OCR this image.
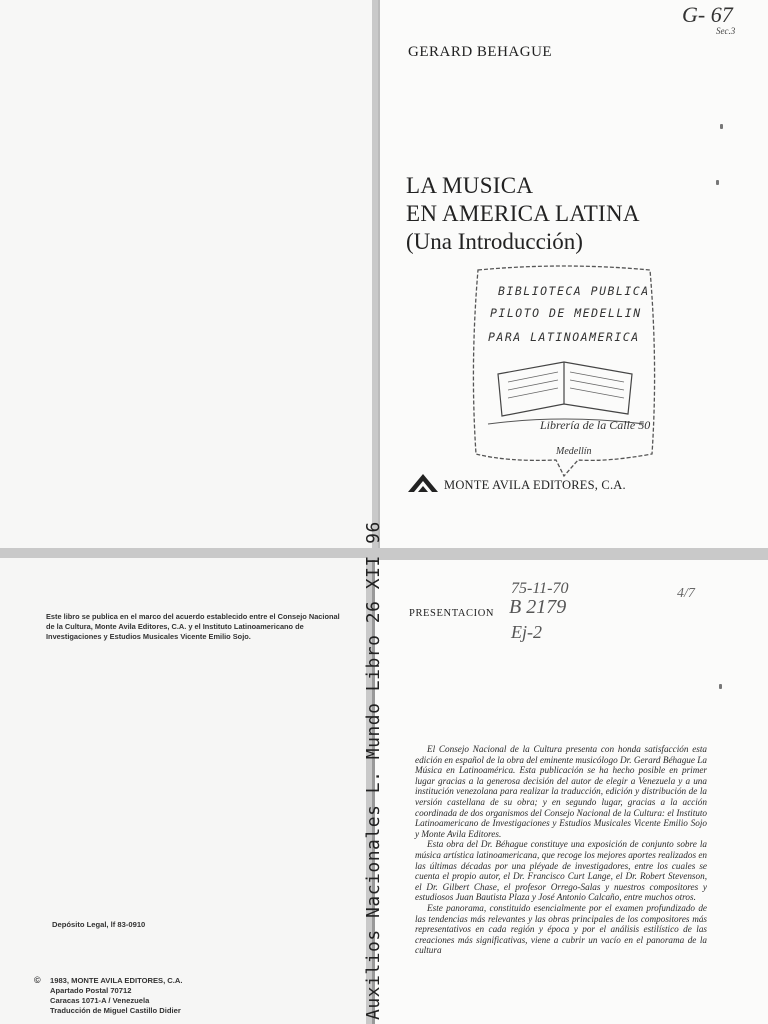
G- 67
Sec.3
GERARD BEHAGUE
LA MUSICA
EN AMERICA LATINA
(Una Introducción)
BIBLIOTECA PUBLICA
PILOTO DE MEDELLIN
PARA LATINOAMERICA
Librería de la Calle 50
Medellín
MONTE AVILA EDITORES, C.A.
Este libro se publica en el marco del acuerdo establecido entre el Consejo Nacional de la Cultura, Monte Avila Editores, C.A. y el Instituto Latinoamericano de Investigaciones y Estudios Musicales Vicente Emilio Sojo.
Depósito Legal, lf 83-0910
© 1983, MONTE AVILA EDITORES, C.A.
Apartado Postal 70712
Caracas 1071-A / Venezuela
Traducción de Miguel Castillo Didier	Auxilios Nacionales L. Mundo Libro 26 XII 96 PRESENTACION
75-11-70
B 2179
Ej-2
4/7

El Consejo Nacional de la Cultura presenta con honda satisfacción esta edición en español de la obra del eminente musicólogo Dr. Gerard Béhague La Música en Latinoamérica. Esta publicación se ha hecho posible en primer lugar gracias a la generosa decisión del autor de elegir a Venezuela y a una institución venezolana para realizar la traducción, edición y distribución de la versión castellana de su obra; y en segundo lugar, gracias a la acción coordinada de dos organismos del Consejo Nacional de la Cultura: el Instituto Latinoamericano de Investigaciones y Estudios Musicales Vicente Emilio Sojo y Monte Avila Editores.

Esta obra del Dr. Béhague constituye una exposición de conjunto sobre la música artística latinoamericana, que recoge los mejores aportes realizados en las últimas décadas por una pléyade de investigadores, entre los cuales se cuenta el propio autor, el Dr. Francisco Curt Lange, el Dr. Robert Stevenson, el Dr. Gilbert Chase, el profesor Orrego-Salas y nuestros compositores y estudiosos Juan Bautista Plaza y José Antonio Calcaño, entre muchos otros.

Este panorama, constituido esencialmente por el examen profundizado de las tendencias más relevantes y las obras principales de los compositores más representativos en cada región y época y por el análisis estilístico de las creaciones más significativas, viene a cubrir un vacío en el panorama de la cultura
